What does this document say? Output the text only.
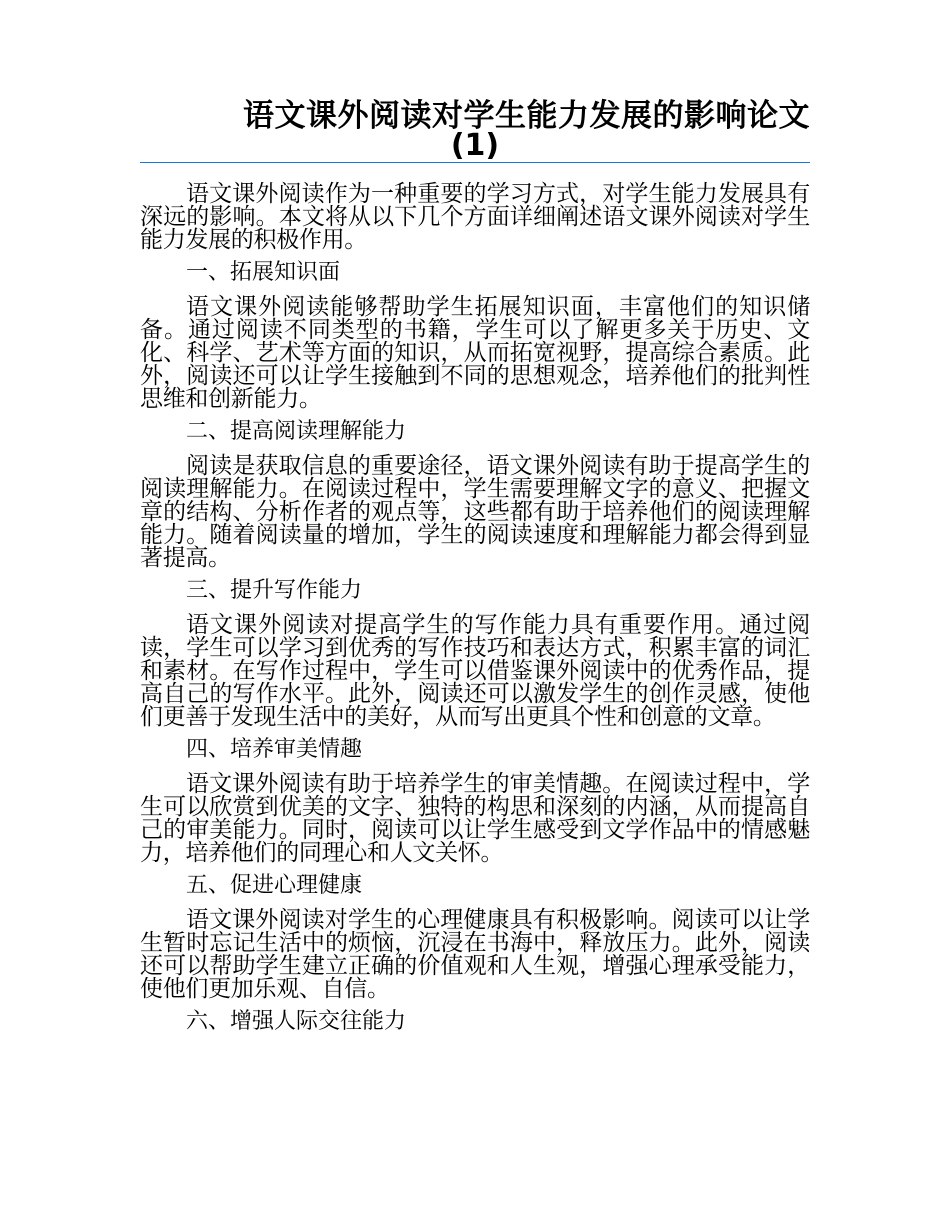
语文课外阅读对学生能力发展的影响论文
(1)

语文课外阅读作为一种重要的学习方式，对学生能力发展具有深远的影响。本文将从以下几个方面详细阐述语文课外阅读对学生能力发展的积极作用。

一、拓展知识面

语文课外阅读能够帮助学生拓展知识面，丰富他们的知识储备。通过阅读不同类型的书籍，学生可以了解更多关于历史、文化、科学、艺术等方面的知识，从而拓宽视野，提高综合素质。此外，阅读还可以让学生接触到不同的思想观念，培养他们的批判性思维和创新能力。

二、提高阅读理解能力

阅读是获取信息的重要途径，语文课外阅读有助于提高学生的阅读理解能力。在阅读过程中，学生需要理解文字的意义、把握文章的结构、分析作者的观点等，这些都有助于培养他们的阅读理解能力。随着阅读量的增加，学生的阅读速度和理解能力都会得到显著提高。

三、提升写作能力

语文课外阅读对提高学生的写作能力具有重要作用。通过阅读，学生可以学习到优秀的写作技巧和表达方式，积累丰富的词汇和素材。在写作过程中，学生可以借鉴课外阅读中的优秀作品，提高自己的写作水平。此外，阅读还可以激发学生的创作灵感，使他们更善于发现生活中的美好，从而写出更具个性和创意的文章。

四、培养审美情趣

语文课外阅读有助于培养学生的审美情趣。在阅读过程中，学生可以欣赏到优美的文字、独特的构思和深刻的内涵，从而提高自己的审美能力。同时，阅读可以让学生感受到文学作品中的情感魅力，培养他们的同理心和人文关怀。

五、促进心理健康

语文课外阅读对学生的心理健康具有积极影响。阅读可以让学生暂时忘记生活中的烦恼，沉浸在书海中，释放压力。此外，阅读还可以帮助学生建立正确的价值观和人生观，增强心理承受能力，使他们更加乐观、自信。

六、增强人际交往能力
